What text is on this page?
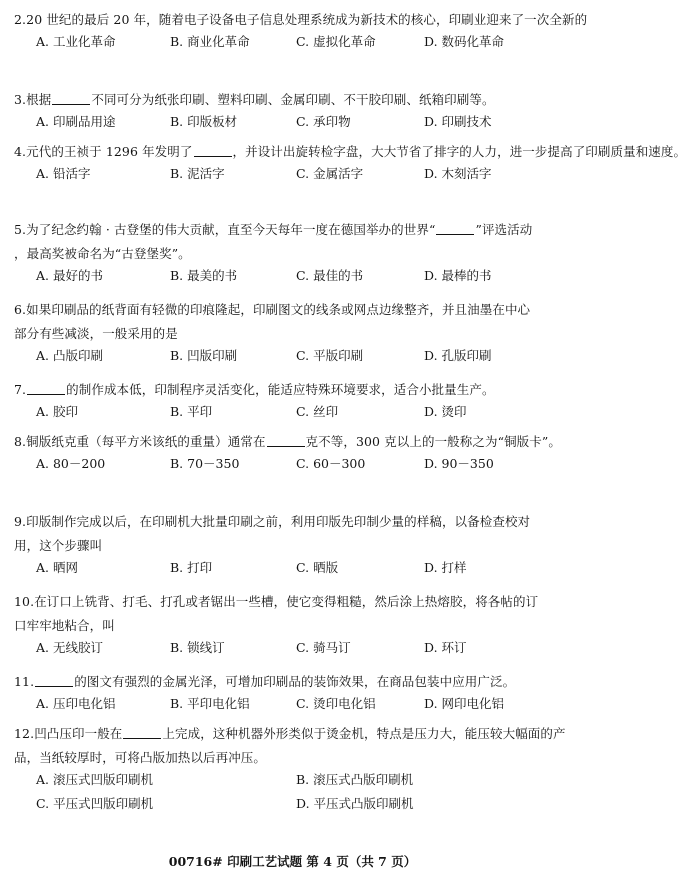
2.20 世纪的最后 20 年，随着电子设备电子信息处理系统成为新技术的核心，印刷业迎来了一次全新的
A. 工业化革命	B. 商业化革命	C. 虚拟化革命	D. 数码化革命
3.根据	不同可分为纸张印刷、塑料印刷、金属印刷、不干胶印刷、纸箱印刷等。
A. 印刷品用途	B. 印版板材	C. 承印物	D. 印刷技术
4.元代的王祯于 1296 年发明了	，并设计出旋转检字盘，大大节省了排字的人力，进一步提高了印刷质量和速度。
A. 铅活字	B. 泥活字	C. 金属活字	D. 木刻活字
5.为了纪念约翰 · 古登堡的伟大贡献，直至今天每年一度在德国举办的世界“	”评选活动
，最高奖被命名为“古登堡奖”。
A. 最好的书	B. 最美的书	C. 最佳的书	D. 最棒的书
6.如果印刷品的纸背面有轻微的印痕隆起，印刷图文的线条或网点边缘整齐，并且油墨在中心
部分有些减淡，一般采用的是
A. 凸版印刷	B. 凹版印刷	C. 平版印刷	D. 孔版印刷
7.	的制作成本低，印制程序灵活变化，能适应特殊环境要求，适合小批量生产。
A. 胶印	B. 平印	C. 丝印	D. 烫印
8.铜版纸克重（每平方米该纸的重量）通常在	克不等，300 克以上的一般称之为“铜版卡”。
A. 80－200	B. 70－350	C. 60－300	D. 90－350
9.印版制作完成以后，在印刷机大批量印刷之前，利用印版先印制少量的样稿，以备检查校对
用，这个步骤叫
A. 晒网	B. 打印	C. 晒版	D. 打样
10.在订口上铣背、打毛、打孔或者锯出一些槽，使它变得粗糙，然后涂上热熔胶，将各帖的订
口牢牢地粘合，叫
A. 无线胶订	B. 锁线订	C. 骑马订	D. 环订
11.	的图文有强烈的金属光泽，可增加印刷品的装饰效果，在商品包装中应用广泛。
A. 压印电化铝	B. 平印电化铝	C. 烫印电化铝	D. 网印电化铝
12.凹凸压印一般在	上完成，这种机器外形类似于烫金机，特点是压力大，能压较大幅面的产
品，当纸较厚时，可将凸版加热以后再冲压。
A. 滚压式凹版印刷机	B. 滚压式凸版印刷机
C. 平压式凹版印刷机	D. 平压式凸版印刷机
00716# 印刷工艺试题 第 4 页（共 7 页）
